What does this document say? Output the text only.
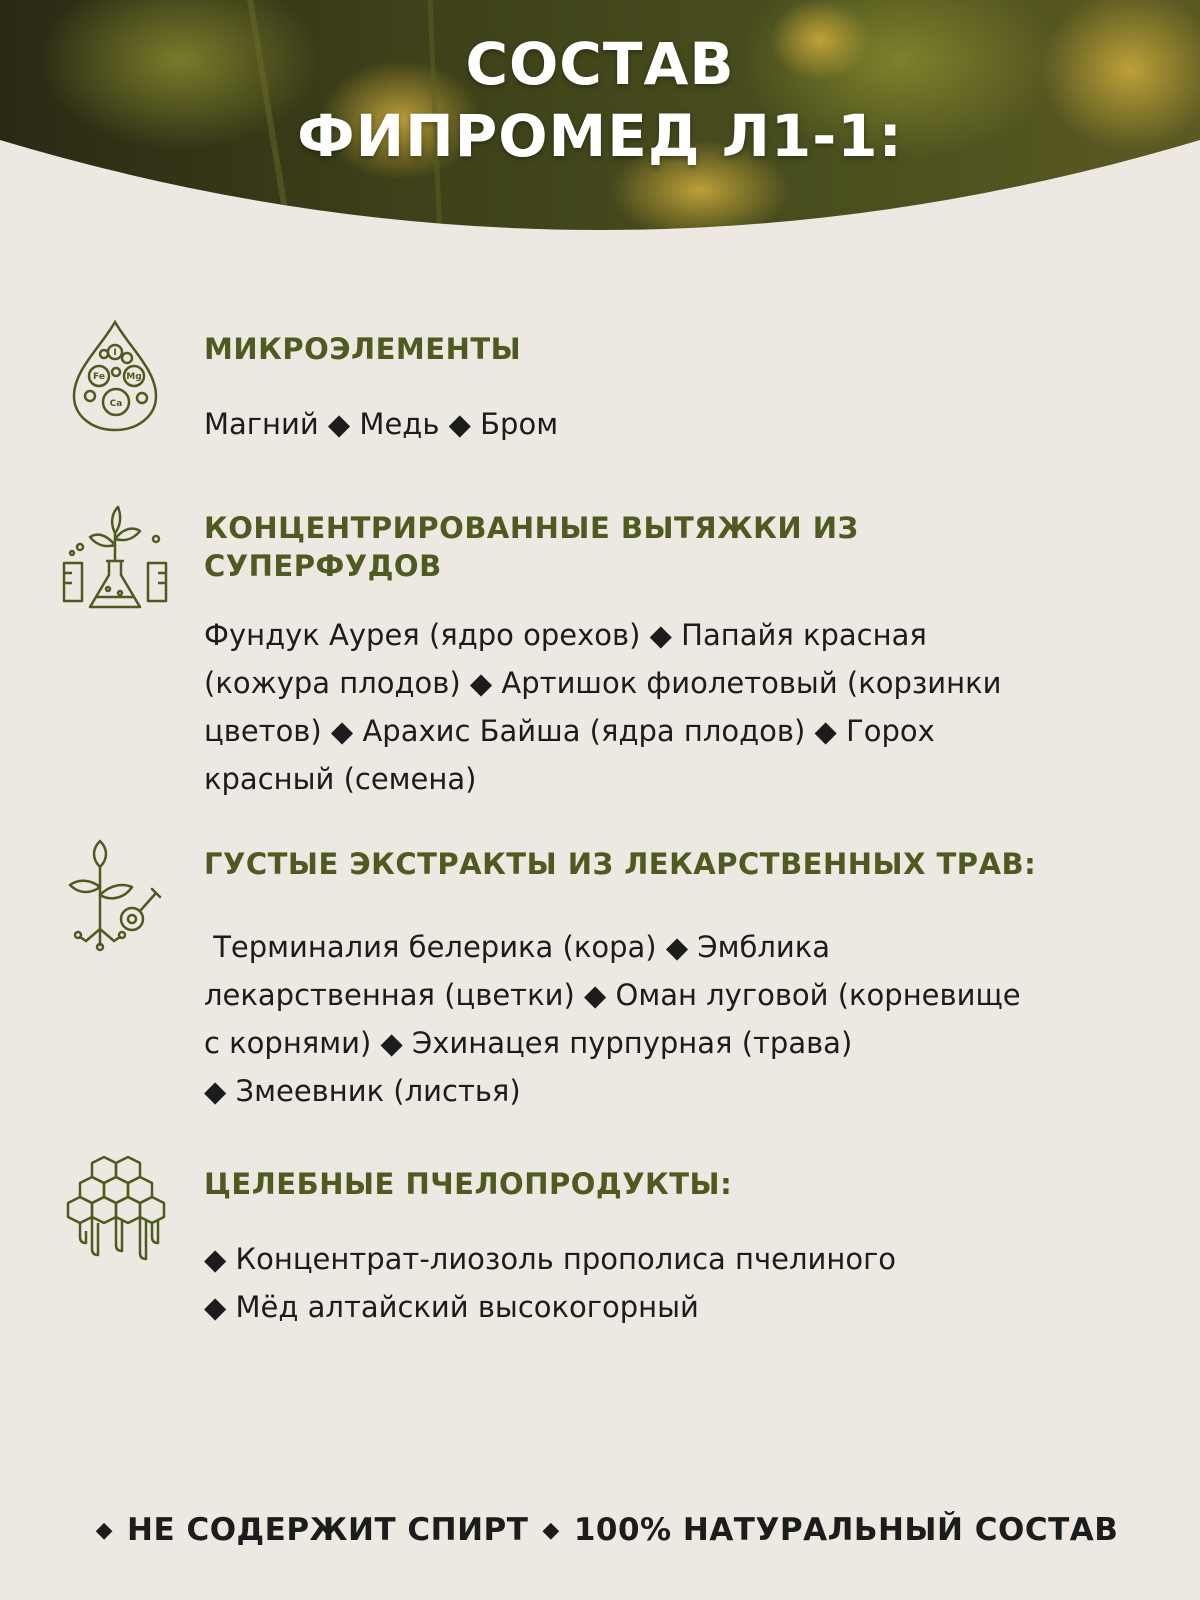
СОСТАВ
ФИПРОМЕД Л1-1:
I
Fe Mg
Ca
МИКРОЭЛЕМЕНТЫ
Магний ◆ Медь ◆ Бром
КОНЦЕНТРИРОВАННЫЕ ВЫТЯЖКИ ИЗ
СУПЕРФУДОВ
Фундук Аурея (ядро орехов) ◆ Папайя красная
(кожура плодов) ◆ Артишок фиолетовый (корзинки
цветов) ◆ Арахис Байша (ядра плодов) ◆ Горох
красный (семена)
ГУСТЫЕ ЭКСТРАКТЫ ИЗ ЛЕКАРСТВЕННЫХ ТРАВ:
Терминалия белерика (кора) ◆ Эмблика
лекарственная (цветки) ◆ Оман луговой (корневище
с корнями) ◆ Эхинацея пурпурная (трава)
◆ Змеевник (листья)
ЦЕЛЕБНЫЕ ПЧЕЛОПРОДУКТЫ:
◆ Концентрат-лиозоль прополиса пчелиного
◆ Мёд алтайский высокогорный
◆ НЕ СОДЕРЖИТ СПИРТ ◆ 100% НАТУРАЛЬНЫЙ СОСТАВ
